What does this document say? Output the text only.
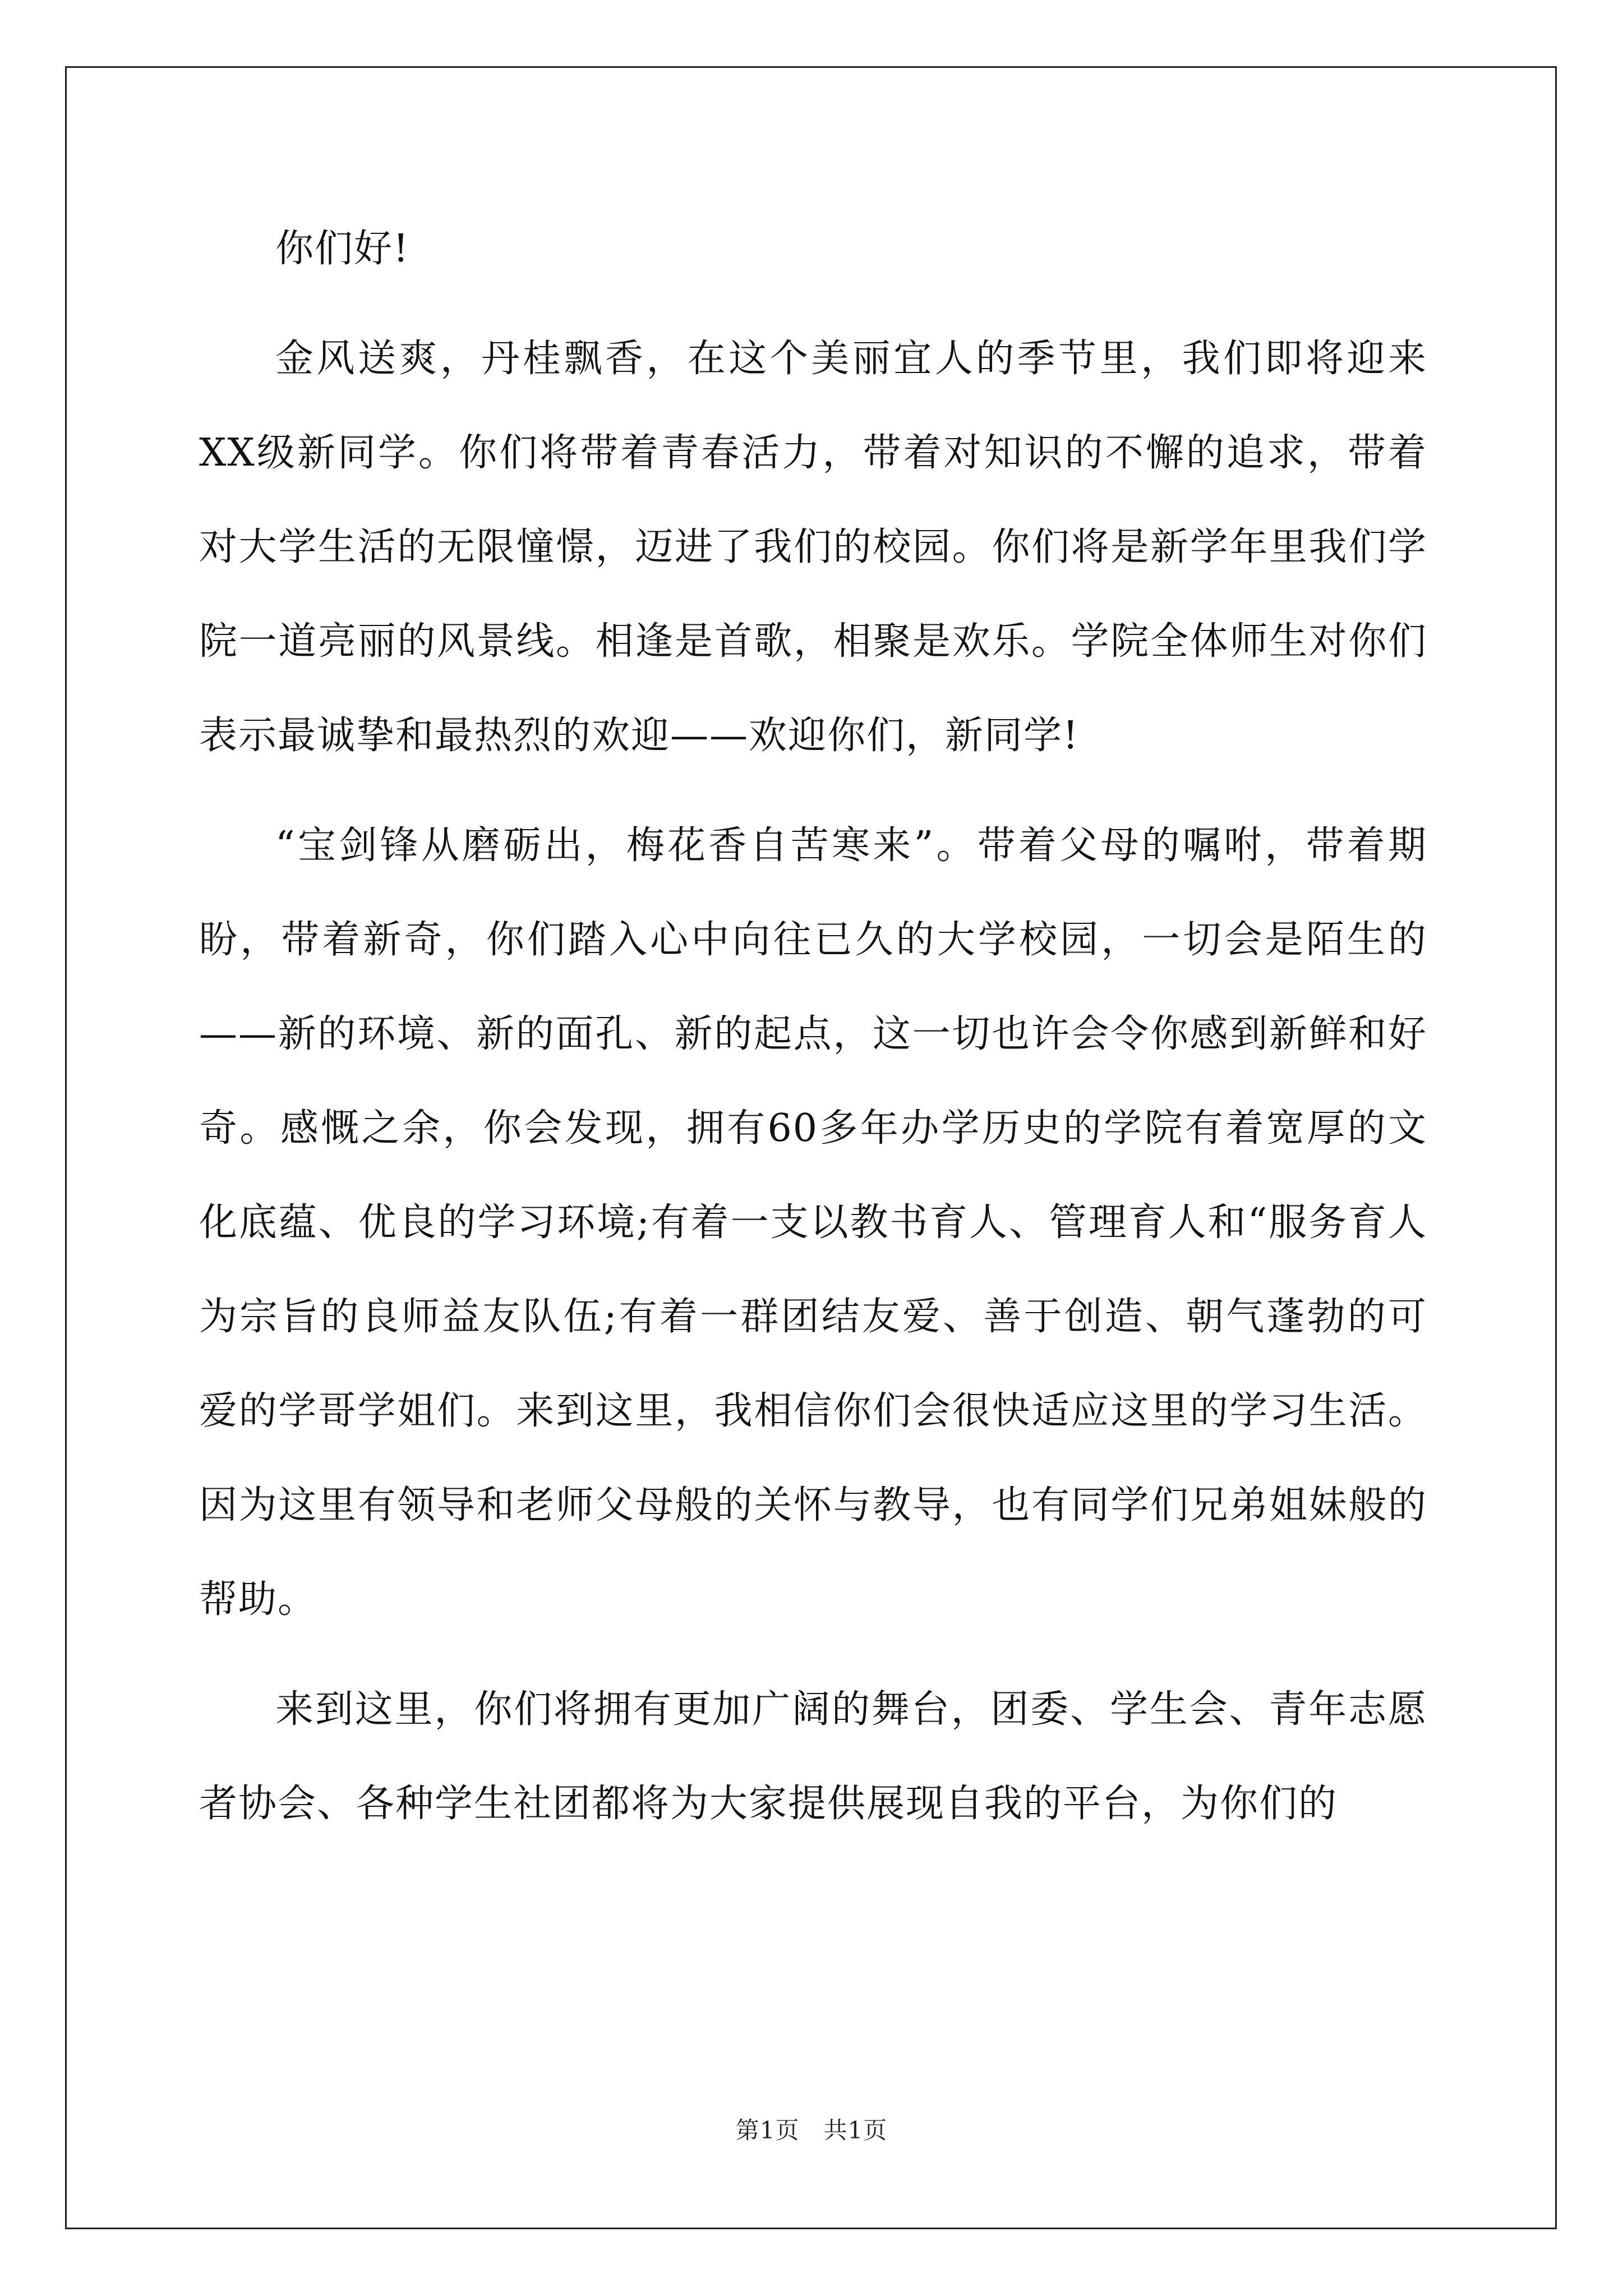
你们好!

金风送爽，丹桂飘香，在这个美丽宜人的季节里，我们即将迎来XX级新同学。你们将带着青春活力，带着对知识的不懈的追求，带着对大学生活的无限憧憬，迈进了我们的校园。你们将是新学年里我们学院一道亮丽的风景线。相逢是首歌，相聚是欢乐。学院全体师生对你们表示最诚挚和最热烈的欢迎——欢迎你们，新同学!

“宝剑锋从磨砺出，梅花香自苦寒来”。带着父母的嘱咐，带着期盼，带着新奇，你们踏入心中向往已久的大学校园，一切会是陌生的——新的环境、新的面孔、新的起点，这一切也许会令你感到新鲜和好奇。感慨之余，你会发现，拥有60多年办学历史的学院有着宽厚的文化底蕴、优良的学习环境;有着一支以教书育人、管理育人和“服务育人为宗旨的良师益友队伍;有着一群团结友爱、善于创造、朝气蓬勃的可爱的学哥学姐们。来到这里，我相信你们会很快适应这里的学习生活。因为这里有领导和老师父母般的关怀与教导，也有同学们兄弟姐妹般的帮助。

来到这里，你们将拥有更加广阔的舞台，团委、学生会、青年志愿者协会、各种学生社团都将为大家提供展现自我的平台，为你们的

第1页   共1页
